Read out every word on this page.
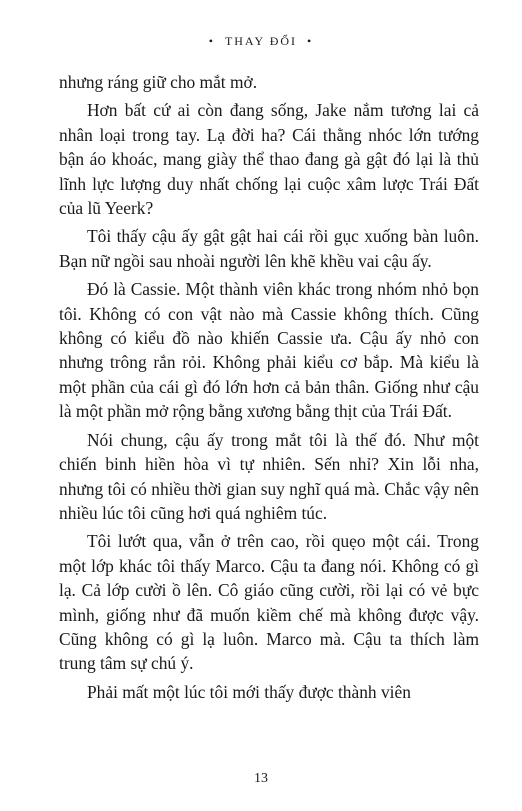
• THAY ĐỔI •

nhưng ráng giữ cho mắt mở.

Hơn bất cứ ai còn đang sống, Jake nắm tương lai cả nhân loại trong tay. Lạ đời ha? Cái thằng nhóc lớn tướng bận áo khoác, mang giày thể thao đang gà gật đó lại là thủ lĩnh lực lượng duy nhất chống lại cuộc xâm lược Trái Đất của lũ Yeerk?

Tôi thấy cậu ấy gật gật hai cái rồi gục xuống bàn luôn. Bạn nữ ngồi sau nhoài người lên khẽ khều vai cậu ấy.

Đó là Cassie. Một thành viên khác trong nhóm nhỏ bọn tôi. Không có con vật nào mà Cassie không thích. Cũng không có kiểu đồ nào khiến Cassie ưa. Cậu ấy nhỏ con nhưng trông rắn rỏi. Không phải kiểu cơ bắp. Mà kiểu là một phần của cái gì đó lớn hơn cả bản thân. Giống như cậu là một phần mở rộng bằng xương bằng thịt của Trái Đất.

Nói chung, cậu ấy trong mắt tôi là thế đó. Như một chiến binh hiền hòa vì tự nhiên. Sến nhỉ? Xin lỗi nha, nhưng tôi có nhiều thời gian suy nghĩ quá mà. Chắc vậy nên nhiều lúc tôi cũng hơi quá nghiêm túc.

Tôi lướt qua, vẫn ở trên cao, rồi quẹo một cái. Trong một lớp khác tôi thấy Marco. Cậu ta đang nói. Không có gì lạ. Cả lớp cười ồ lên. Cô giáo cũng cười, rồi lại có vẻ bực mình, giống như đã muốn kiềm chế mà không được vậy. Cũng không có gì lạ luôn. Marco mà. Cậu ta thích làm trung tâm sự chú ý.

Phải mất một lúc tôi mới thấy được thành viên

13
